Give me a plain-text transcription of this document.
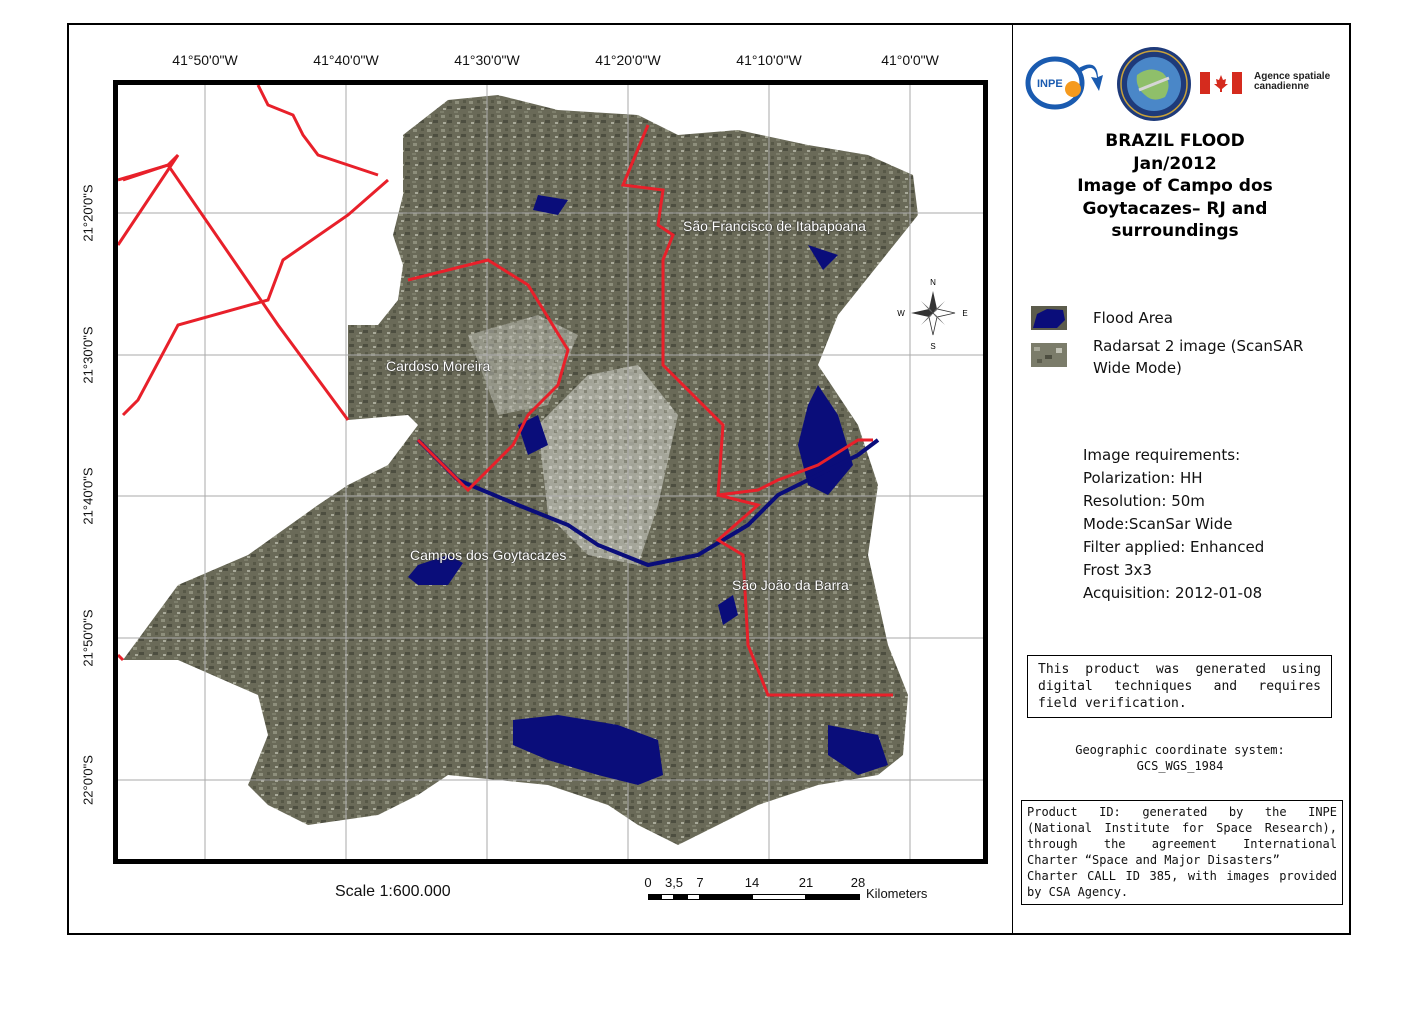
41°50'0"W	41°40'0"W	41°30'0"W	41°20'0"W	41°10'0"W	41°0'0"W
21°20'0"S
21°30'0"S
21°40'0"S
21°50'0"S
22°0'0"S
N
S
E
W
São Francisco de Itabapoana
Cardoso Moreira
Campos dos Goytacazes
São João da Barra
Scale 1:600.000
0 3,5 7	14	21	28
Kilometers
INPE
Agence spatiale
canadienne
BRAZIL FLOOD
Jan/2012
Image of Campo dos
Goytacazes– RJ and
surroundings
Flood Area
Radarsat 2 image (ScanSAR
Wide Mode)
Image requirements:
Polarization: HH
Resolution: 50m
Mode:ScanSar Wide
Filter applied: Enhanced
Frost 3x3
Acquisition: 2012-01-08
This product was generated using digital techniques and requires field verification.
Geographic coordinate system:
GCS_WGS_1984
Product ID: generated by the INPE (National Institute for Space Research), through the agreement International Charter “Space and Major Disasters”
Charter CALL ID 385, with images provided by CSA Agency.
